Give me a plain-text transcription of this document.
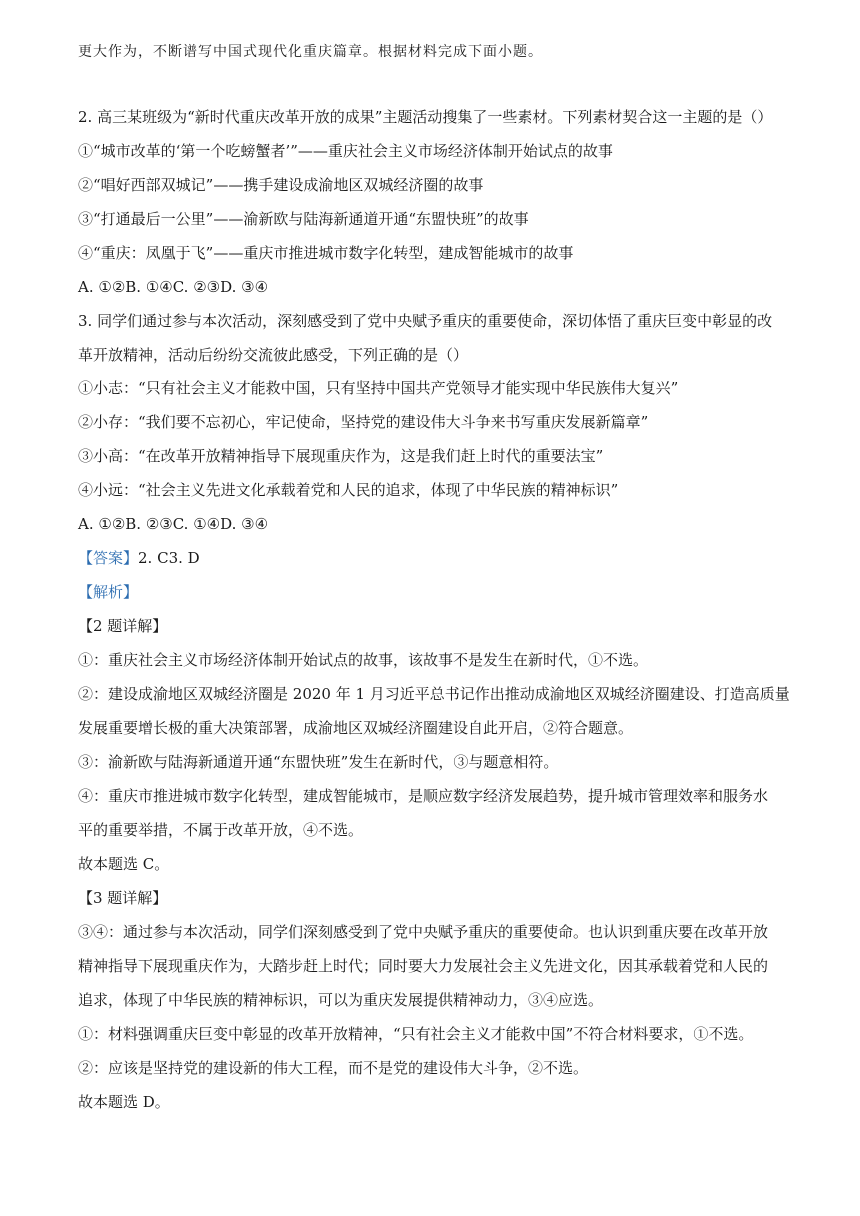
更大作为，不断谱写中国式现代化重庆篇章。根据材料完成下面小题。
2. 高三某班级为“新时代重庆改革开放的成果”主题活动搜集了一些素材。下列素材契合这一主题的是（）
①“城市改革的‘第一个吃螃蟹者’”——重庆社会主义市场经济体制开始试点的故事
②“唱好西部双城记”——携手建设成渝地区双城经济圈的故事
③“打通最后一公里”——渝新欧与陆海新通道开通“东盟快班”的故事
④“重庆：凤凰于飞”——重庆市推进城市数字化转型，建成智能城市的故事
A. ①②B. ①④C. ②③D. ③④
3. 同学们通过参与本次活动，深刻感受到了党中央赋予重庆的重要使命，深切体悟了重庆巨变中彰显的改
革开放精神，活动后纷纷交流彼此感受，下列正确的是（）
①小志：“只有社会主义才能救中国，只有坚持中国共产党领导才能实现中华民族伟大复兴”
②小存：“我们要不忘初心，牢记使命，坚持党的建设伟大斗争来书写重庆发展新篇章”
③小高：“在改革开放精神指导下展现重庆作为，这是我们赶上时代的重要法宝”
④小远：“社会主义先进文化承载着党和人民的追求，体现了中华民族的精神标识”
A. ①②B. ②③C. ①④D. ③④
【答案】2. C3. D
【解析】
【2 题详解】
①：重庆社会主义市场经济体制开始试点的故事，该故事不是发生在新时代，①不选。
②：建设成渝地区双城经济圈是 2020 年 1 月习近平总书记作出推动成渝地区双城经济圈建设、打造高质量
发展重要增长极的重大决策部署，成渝地区双城经济圈建设自此开启，②符合题意。
③：渝新欧与陆海新通道开通“东盟快班”发生在新时代，③与题意相符。
④：重庆市推进城市数字化转型，建成智能城市，是顺应数字经济发展趋势，提升城市管理效率和服务水
平的重要举措，不属于改革开放，④不选。
故本题选 C。
【3 题详解】
③④：通过参与本次活动，同学们深刻感受到了党中央赋予重庆的重要使命。也认识到重庆要在改革开放
精神指导下展现重庆作为，大踏步赶上时代；同时要大力发展社会主义先进文化，因其承载着党和人民的
追求，体现了中华民族的精神标识，可以为重庆发展提供精神动力，③④应选。
①：材料强调重庆巨变中彰显的改革开放精神，“只有社会主义才能救中国”不符合材料要求，①不选。
②：应该是坚持党的建设新的伟大工程，而不是党的建设伟大斗争，②不选。
故本题选 D。
